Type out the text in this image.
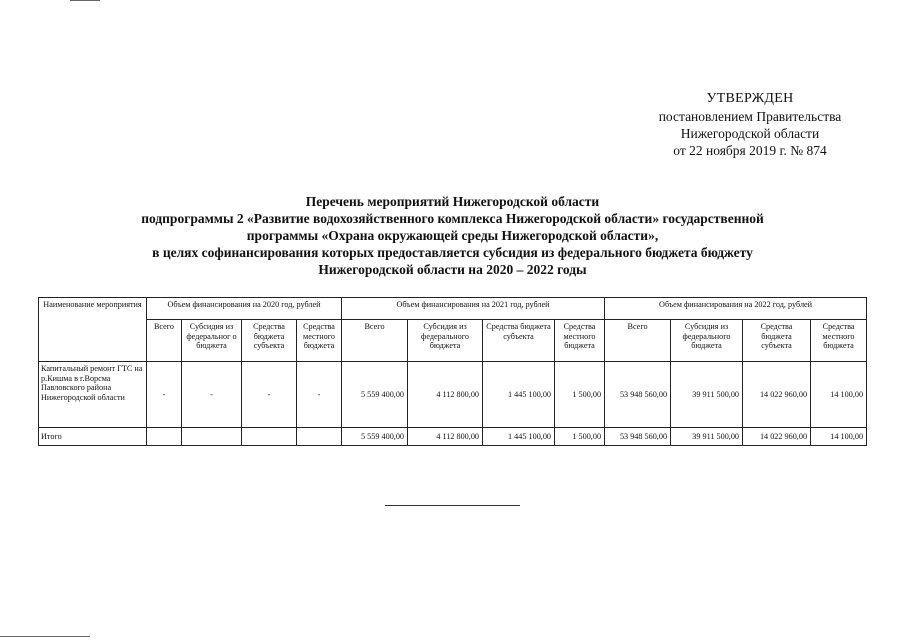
УТВЕРЖДЕН
постановлением Правительства
Нижегородской области
от 22 ноября 2019 г. № 874
Перечень мероприятий Нижегородской области
подпрограммы 2 «Развитие водохозяйственного комплекса Нижегородской области» государственной
программы «Охрана окружающей среды Нижегородской области»,
в целях софинансирования которых предоставляется субсидия из федерального бюджета бюджету
Нижегородской области на 2020 – 2022 годы
Наименование мероприятия	Объем финансирования на 2020 год, рублей				Объем финансирования на 2021 год, рублей				Объем финансирования на 2022 год, рублей			
	Всего	Субсидия из федеральног о бюджета	Средства бюджета субъекта	Средства местного бюджета	Всего	Субсидия из федерального бюджета	Средства бюджета субъекта	Средства местного бюджета	Всего	Субсидия из федерального бюджета	Средства бюджета субъекта	Средства местного бюджета
Капитальный ремонт ГТС на р.Кишма в г.Ворсма Павловского района Нижегородской области	-	-	-	-	5 559 400,00	4 112 800,00	1 445 100,00	1 500,00	53 948 560,00	39 911 500,00	14 022 960,00	14 100,00
Итого					5 559 400,00	4 112 800,00	1 445 100,00	1 500,00	53 948 560,00	39 911 500,00	14 022 960,00	14 100,00
